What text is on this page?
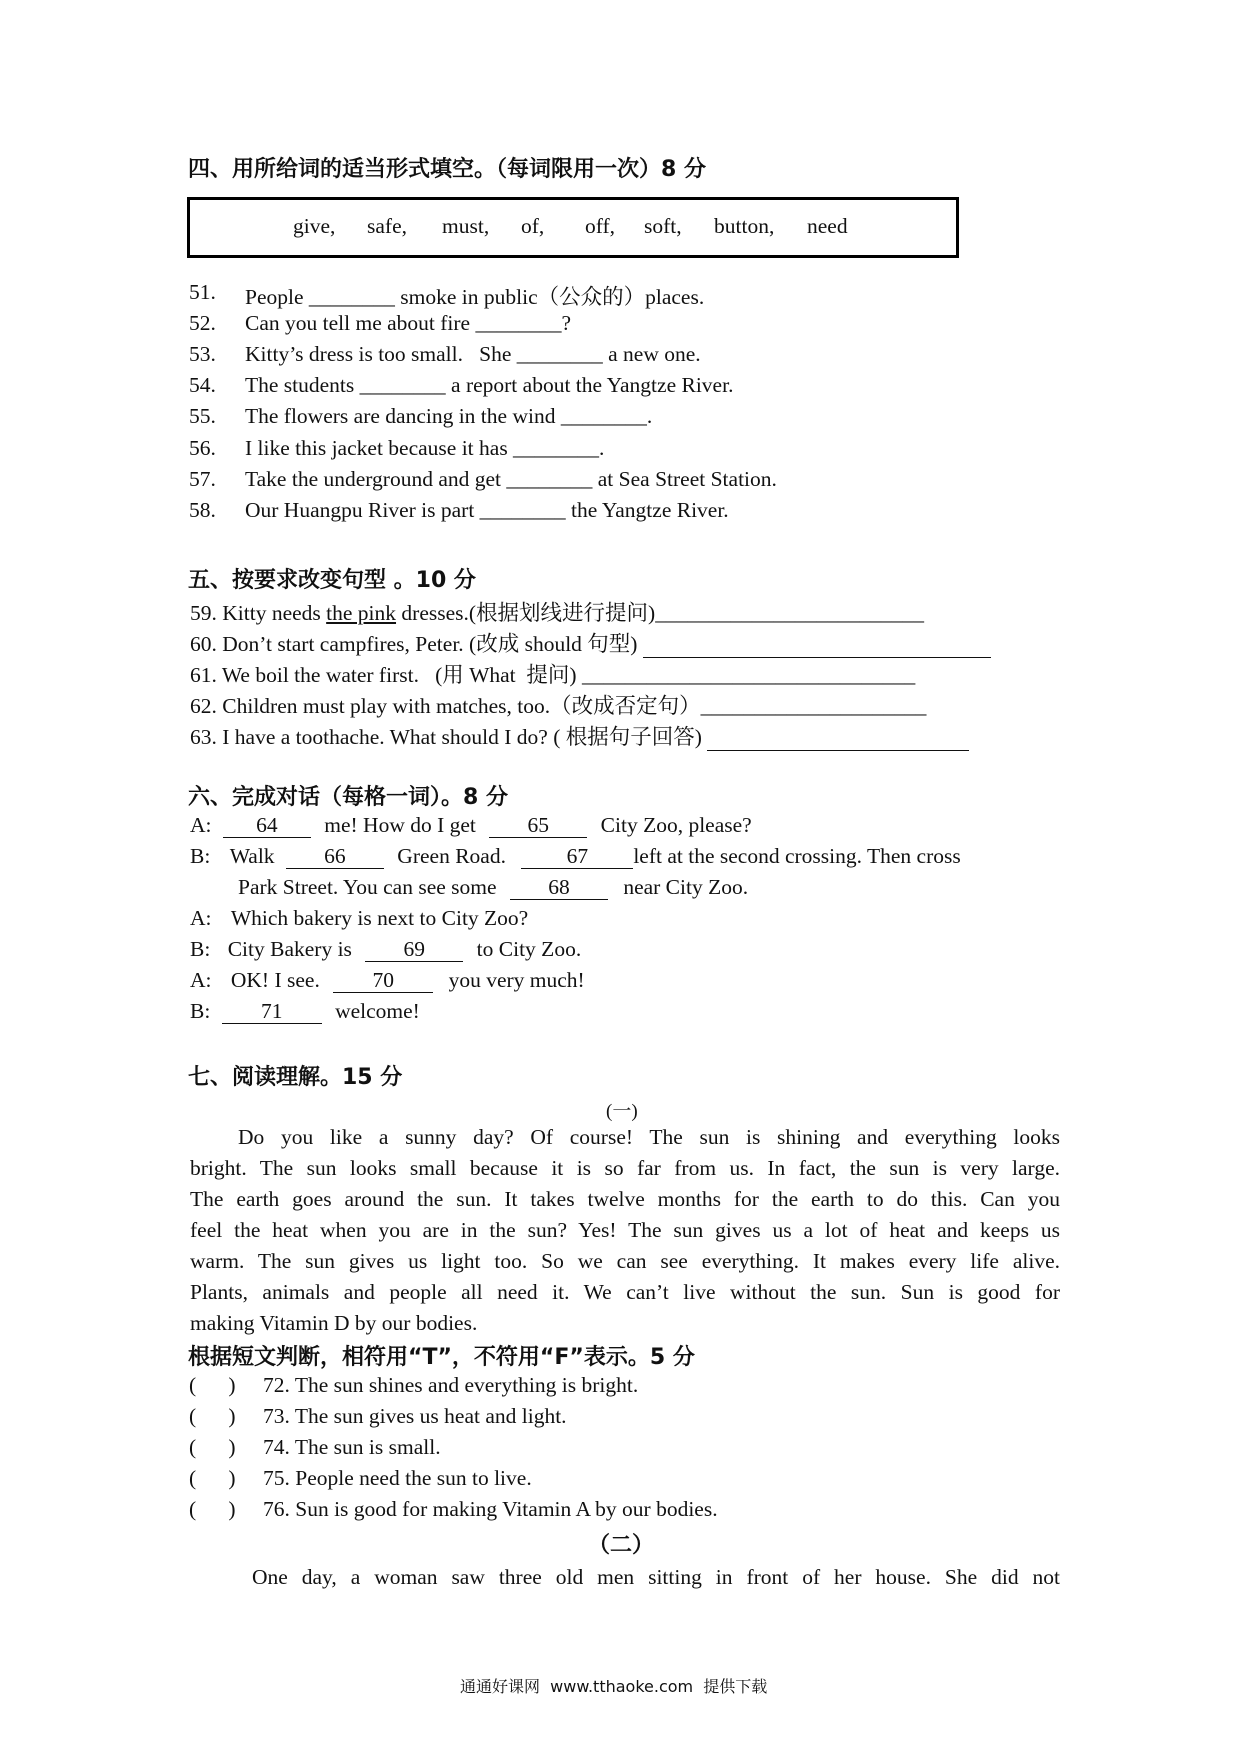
四、用所给词的适当形式填空。（每词限用一次）8 分
give, safe, must, of, off, soft, button, need
51. People ________ smoke in public（公众的）places.
52. Can you tell me about fire ________?
53. Kitty’s dress is too small.   She ________ a new one.
54. The students ________ a report about the Yangtze River.
55. The flowers are dancing in the wind ________.
56. I like this jacket because it has ________.
57. Take the underground and get ________ at Sea Street Station.
58. Our Huangpu River is part ________ the Yangtze River.
五、按要求改变句型 。10 分
59. Kitty needs the pink dresses.(根据划线进行提问)_________________________
60. Don’t start campfires, Peter. (改成 should 句型)
61. We boil the water first.   (用 What  提问) _______________________________
62. Children must play with matches, too.（改成否定句）_____________________
63. I have a toothache. What should I do? ( 根据句子回答)
六、完成对话（每格一词）。8 分
A: 64 me! How do I get 65 City Zoo, please?
B: Walk 66 Green Road.	67 left at the second crossing. Then cross
Park Street. You can see some 68 near City Zoo.
A: Which bakery is next to City Zoo?
B: City Bakery is 69 to City Zoo.
A: OK! I see. 70	you very much!
B: 71 welcome!
七、阅读理解。15 分
(一)
Do you like a sunny day? Of course! The sun is shining and everything looks
bright. The sun looks small because it is so far from us. In fact, the sun is very large.
The earth goes around the sun. It takes twelve months for the earth to do this. Can you
feel the heat when you are in the sun? Yes! The sun gives us a lot of heat and keeps us
warm. The sun gives us light too. So we can see everything. It makes every life alive.
Plants, animals and people all need it. We can’t live without the sun. Sun is good for
making Vitamin D by our bodies.
根据短文判断，相符用“T”，不符用“F”表示。5 分
(      ) 72. The sun shines and everything is bright.
(      ) 73. The sun gives us heat and light.
(      ) 74. The sun is small.
(      ) 75. People need the sun to live.
(      ) 76. Sun is good for making Vitamin A by our bodies.
（二）
One day, a woman saw three old men sitting in front of her house. She did not
通通好课网  www.tthaoke.com  提供下载
